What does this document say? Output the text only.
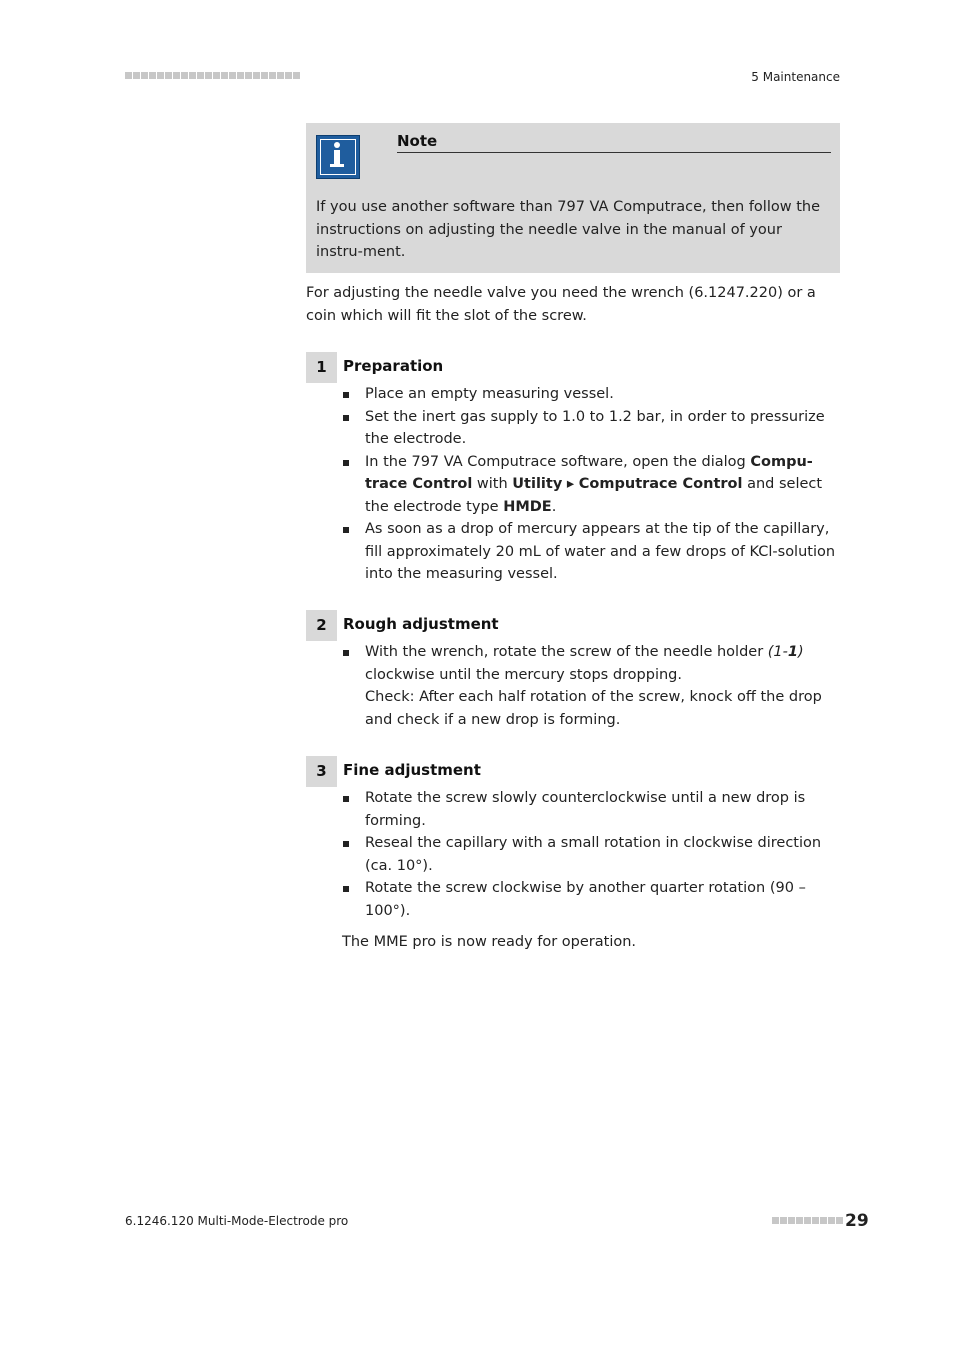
5 Maintenance
Note
If you use another software than 797 VA Computrace, then follow the instructions on adjusting the needle valve in the manual of your instru-ment.
For adjusting the needle valve you need the wrench (6.1247.220) or a coin which will fit the slot of the screw.
1	Preparation
Place an empty measuring vessel.
Set the inert gas supply to 1.0 to 1.2 bar, in order to pressurize the electrode.
In the 797 VA Computrace software, open the dialog Compu-trace Control with Utility ▸ Computrace Control and select the electrode type HMDE.
As soon as a drop of mercury appears at the tip of the capillary, fill approximately 20 mL of water and a few drops of KCl-solution into the measuring vessel.
2	Rough adjustment
With the wrench, rotate the screw of the needle holder (1-1) clockwise until the mercury stops dropping.
Check: After each half rotation of the screw, knock off the drop and check if a new drop is forming.
3	Fine adjustment
Rotate the screw slowly counterclockwise until a new drop is forming.
Reseal the capillary with a small rotation in clockwise direction (ca. 10°).
Rotate the screw clockwise by another quarter rotation (90 – 100°).
The MME pro is now ready for operation.
6.1246.120 Multi-Mode-Electrode pro	29
